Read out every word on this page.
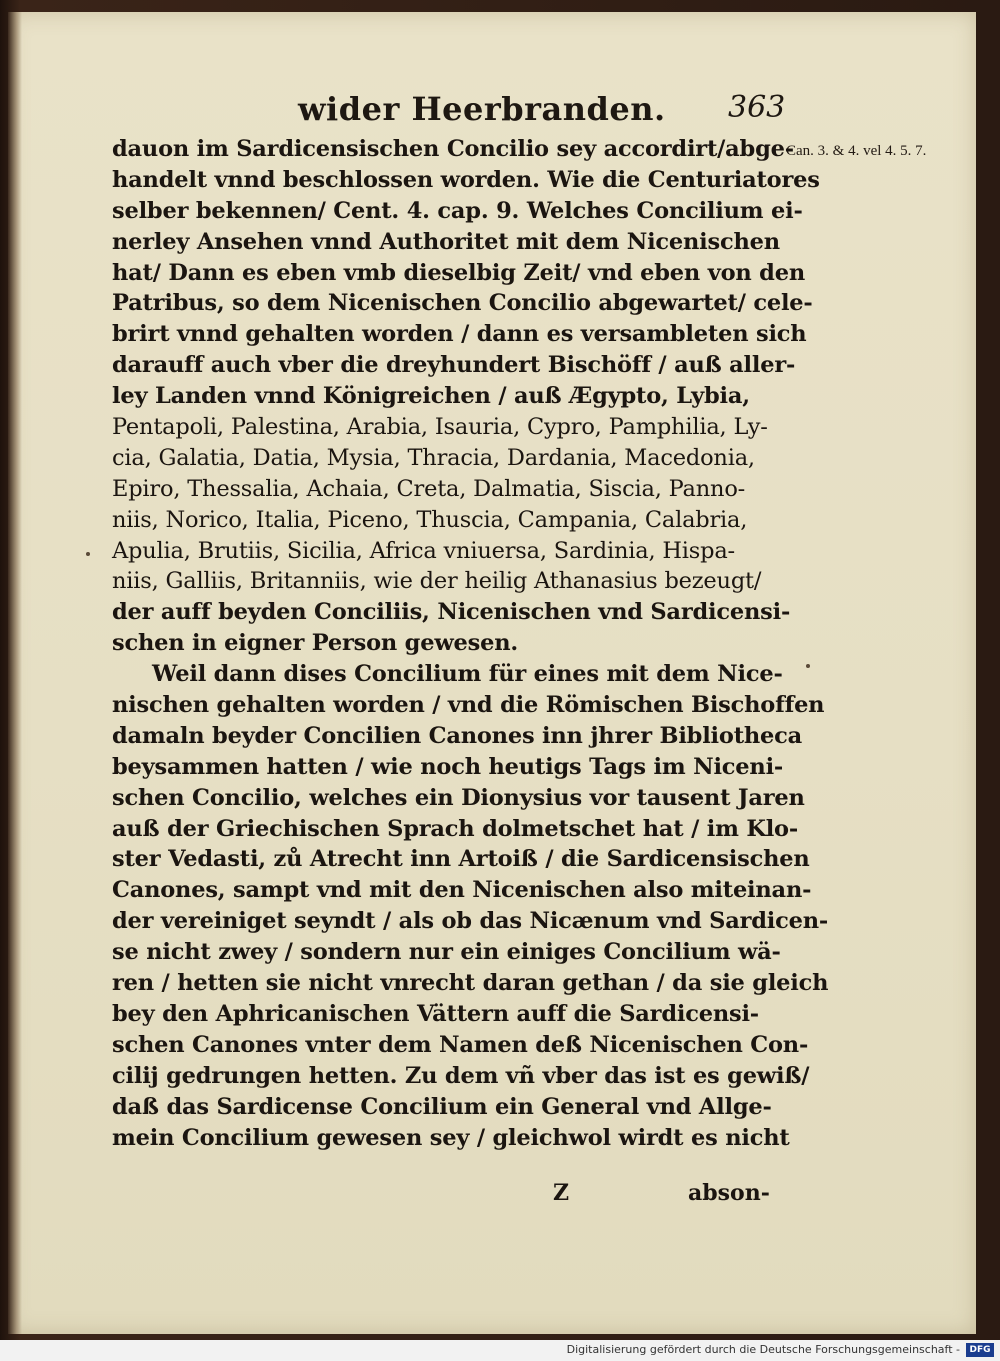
wider Heerbranden. 363
Can. 3. & 4. vel 4. 5. 7.
dauon im Sardicensischen Concilio sey accordirt/abge-
handelt vnnd beschlossen worden. Wie die Centuriatores
selber bekennen/ Cent. 4. cap. 9. Welches Concilium ei-
nerley Ansehen vnnd Authoritet mit dem Nicenischen
hat/ Dann es eben vmb dieselbig Zeit/ vnd eben von den
Patribus, so dem Nicenischen Concilio abgewartet/ cele-
brirt vnnd gehalten worden / dann es versambleten sich
darauff auch vber die dreyhundert Bischöff / auß aller-
ley Landen vnnd Königreichen / auß Ægypto, Lybia,
Pentapoli, Palestina, Arabia, Isauria, Cypro, Pamphilia, Ly-
cia, Galatia, Datia, Mysia, Thracia, Dardania, Macedonia,
Epiro, Thessalia, Achaia, Creta, Dalmatia, Siscia, Panno-
niis, Norico, Italia, Piceno, Thuscia, Campania, Calabria,
Apulia, Brutiis, Sicilia, Africa vniuersa, Sardinia, Hispa-
niis, Galliis, Britanniis, wie der heilig Athanasius bezeugt/
der auff beyden Conciliis, Nicenischen vnd Sardicensi-
schen in eigner Person gewesen.
Weil dann dises Concilium für eines mit dem Nice-
nischen gehalten worden / vnd die Römischen Bischoffen
damaln beyder Concilien Canones inn jhrer Bibliotheca
beysammen hatten / wie noch heutigs Tags im Niceni-
schen Concilio, welches ein Dionysius vor tausent Jaren
auß der Griechischen Sprach dolmetschet hat / im Klo-
ster Vedasti, zů Atrecht inn Artoiß / die Sardicensischen
Canones, sampt vnd mit den Nicenischen also miteinan-
der vereiniget seyndt / als ob das Nicænum vnd Sardicen-
se nicht zwey / sondern nur ein einiges Concilium wä-
ren / hetten sie nicht vnrecht daran gethan / da sie gleich
bey den Aphricanischen Vättern auff die Sardicensi-
schen Canones vnter dem Namen deß Nicenischen Con-
cilij gedrungen hetten. Zu dem vñ vber das ist es gewiß/
daß das Sardicense Concilium ein General vnd Allge-
mein Concilium gewesen sey / gleichwol wirdt es nicht
Z	abson-
Digitalisierung gefördert durch die Deutsche Forschungsgemeinschaft -	DFG
